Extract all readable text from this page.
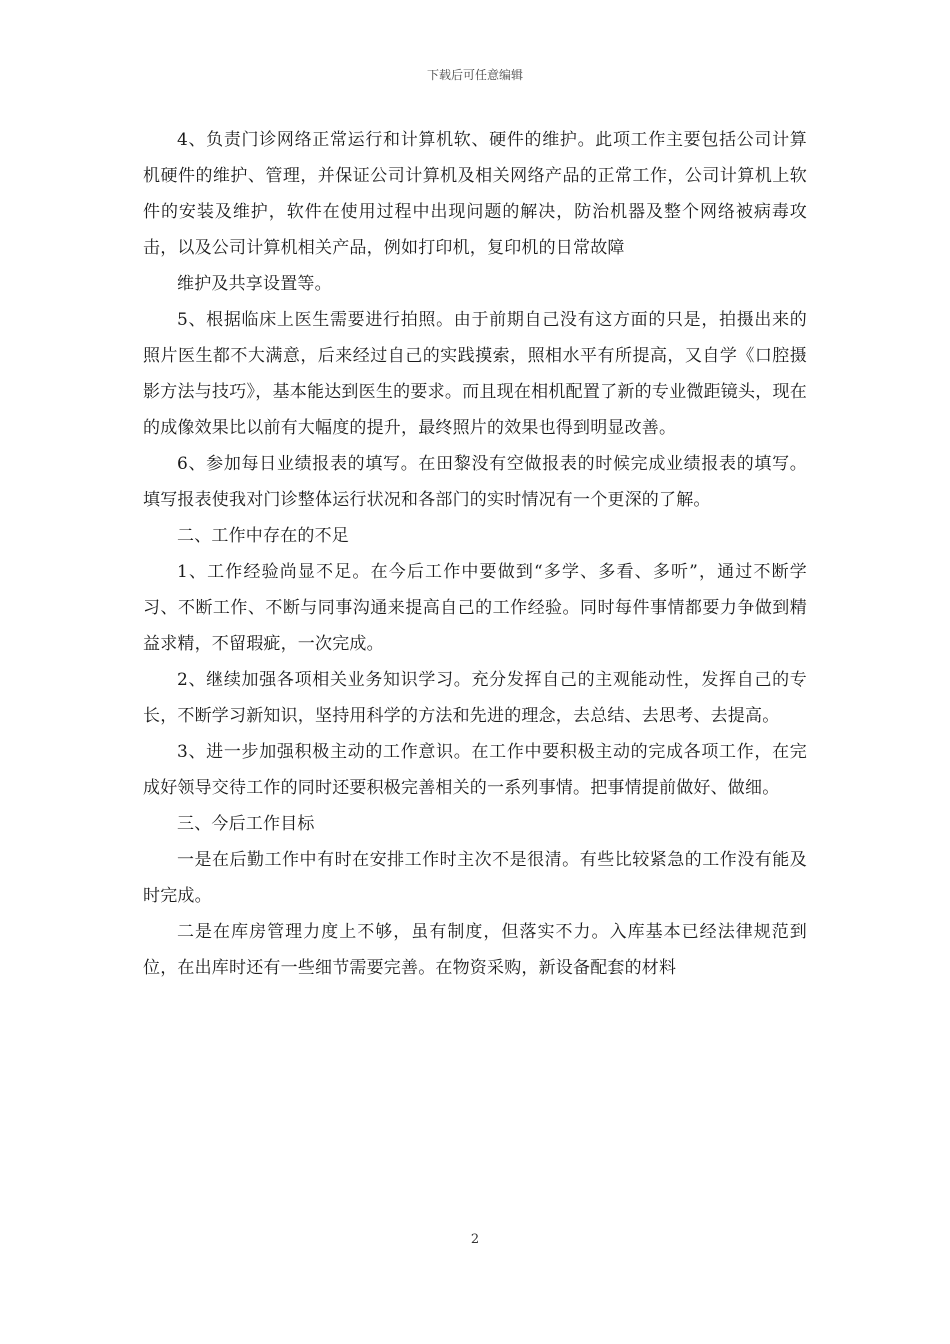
下载后可任意编辑

4、负责门诊网络正常运行和计算机软、硬件的维护。此项工作主要包括公司计算机硬件的维护、管理，并保证公司计算机及相关网络产品的正常工作，公司计算机上软件的安装及维护，软件在使用过程中出现问题的解决，防治机器及整个网络被病毒攻击，以及公司计算机相关产品，例如打印机，复印机的日常故障

维护及共享设置等。

5、根据临床上医生需要进行拍照。由于前期自己没有这方面的只是，拍摄出来的照片医生都不大满意，后来经过自己的实践摸索，照相水平有所提高，又自学《口腔摄影方法与技巧》，基本能达到医生的要求。而且现在相机配置了新的专业微距镜头，现在的成像效果比以前有大幅度的提升，最终照片的效果也得到明显改善。

6、参加每日业绩报表的填写。在田黎没有空做报表的时候完成业绩报表的填写。填写报表使我对门诊整体运行状况和各部门的实时情况有一个更深的了解。

二、工作中存在的不足

1、工作经验尚显不足。在今后工作中要做到“多学、多看、多听”，通过不断学习、不断工作、不断与同事沟通来提高自己的工作经验。同时每件事情都要力争做到精益求精，不留瑕疵，一次完成。

2、继续加强各项相关业务知识学习。充分发挥自己的主观能动性，发挥自己的专长，不断学习新知识，坚持用科学的方法和先进的理念，去总结、去思考、去提高。

3、进一步加强积极主动的工作意识。在工作中要积极主动的完成各项工作，在完成好领导交待工作的同时还要积极完善相关的一系列事情。把事情提前做好、做细。

三、今后工作目标

一是在后勤工作中有时在安排工作时主次不是很清。有些比较紧急的工作没有能及时完成。

二是在库房管理力度上不够，虽有制度，但落实不力。入库基本已经法律规范到位，在出库时还有一些细节需要完善。在物资采购，新设备配套的材料

2
